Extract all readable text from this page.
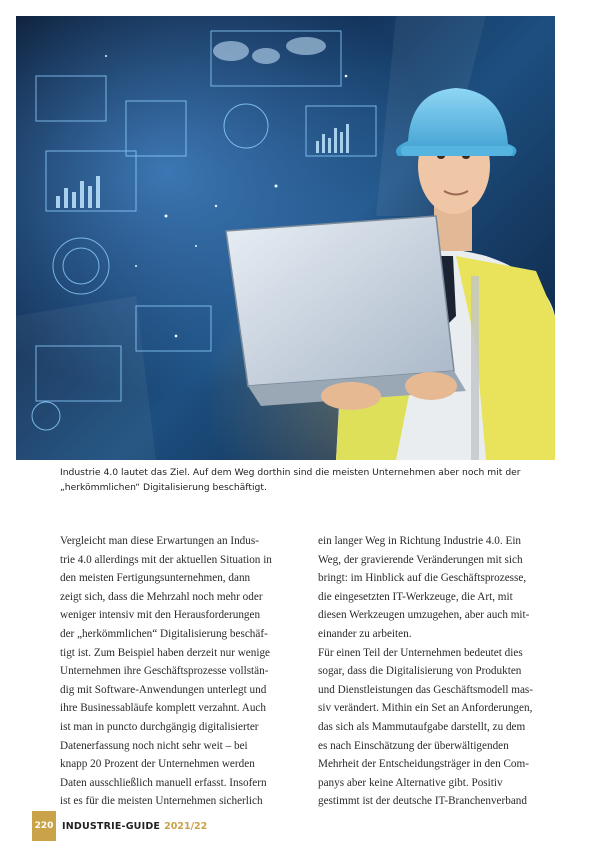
Industrie 4.0 lautet das Ziel. Auf dem Weg dorthin sind die meisten Unternehmen aber noch mit der
„herkömmlichen“ Digitalisierung beschäftigt.

Vergleicht man diese Erwartungen an Indus-

trie 4.0 allerdings mit der aktuellen Situation in

den meisten Fertigungsunternehmen, dann

zeigt sich, dass die Mehrzahl noch mehr oder

weniger intensiv mit den Herausforderungen

der „herkömmlichen“ Digitalisierung beschäf-

tigt ist. Zum Beispiel haben derzeit nur wenige

Unternehmen ihre Geschäftsprozesse vollstän-

dig mit Software-Anwendungen unterlegt und

ihre Businessabläufe komplett verzahnt. Auch

ist man in puncto durchgängig digitalisierter

Datenerfassung noch nicht sehr weit – bei

knapp 20 Prozent der Unternehmen werden

Daten ausschließlich manuell erfasst. Insofern

ist es für die meisten Unternehmen sicherlich

ein langer Weg in Richtung Industrie 4.0. Ein

Weg, der gravierende Veränderungen mit sich

bringt: im Hinblick auf die Geschäftsprozesse,

die eingesetzten IT-Werkzeuge, die Art, mit

diesen Werkzeugen umzugehen, aber auch mit-

einander zu arbeiten.

Für einen Teil der Unternehmen bedeutet dies

sogar, dass die Digitalisierung von Produkten

und Dienstleistungen das Geschäftsmodell mas-

siv verändert. Mithin ein Set an Anforderungen,

das sich als Mammutaufgabe darstellt, zu dem

es nach Einschätzung der überwältigenden

Mehrheit der Entscheidungsträger in den Com-

panys aber keine Alternative gibt. Positiv

gestimmt ist der deutsche IT-Branchenverband

220 INDUSTRIE-GUIDE 2021/22
